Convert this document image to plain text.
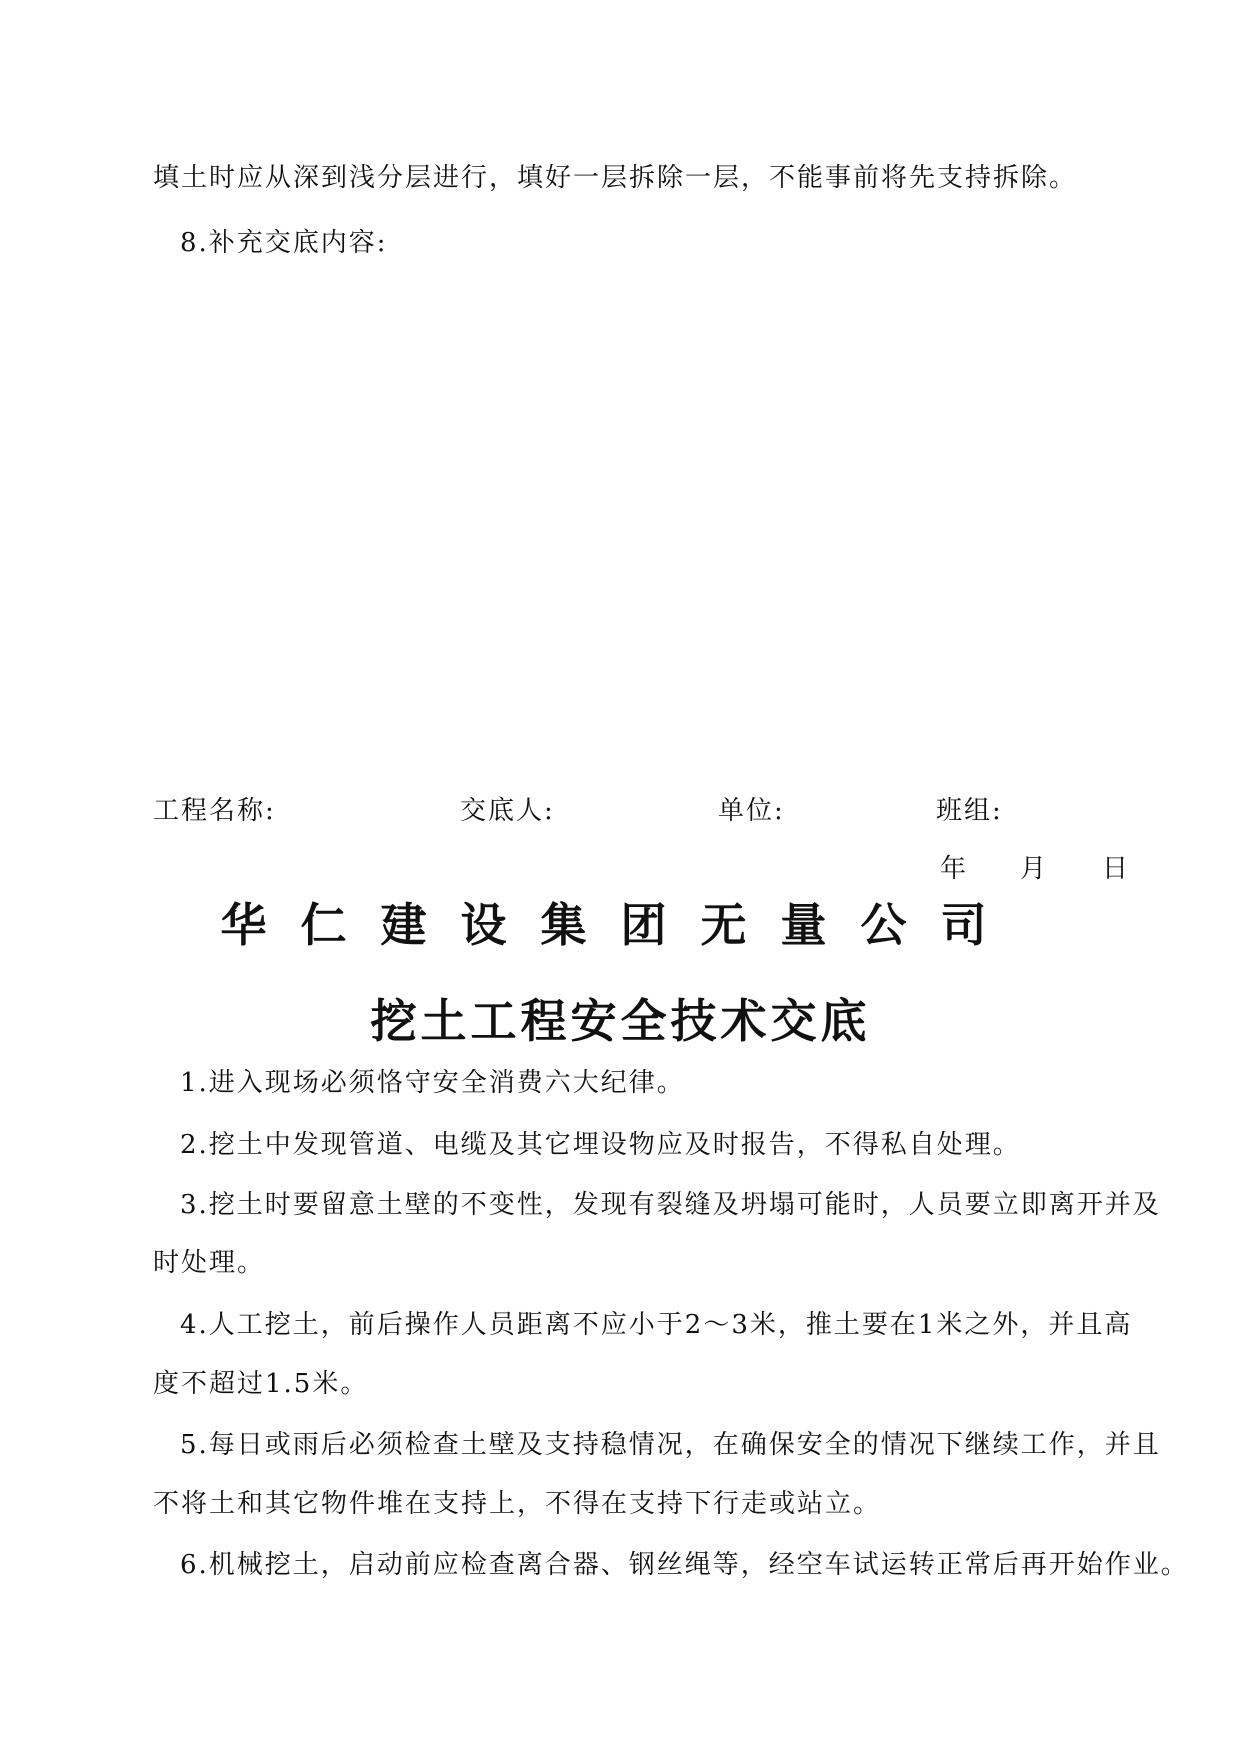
填土时应从深到浅分层进行，填好一层拆除一层，不能事前将先支持拆除。
8.补充交底内容:
工程名称:	交底人:	单位:	班组:
年 月 日
华仁建设集团无量公司
挖土工程安全技术交底
1.进入现场必须恪守安全消费六大纪律。
2.挖土中发现管道、电缆及其它埋设物应及时报告，不得私自处理。
3.挖土时要留意土壁的不变性，发现有裂缝及坍塌可能时，人员要立即离开并及
时处理。
4.人工挖土，前后操作人员距离不应小于2～3米，推土要在1米之外，并且高
度不超过1.5米。
5.每日或雨后必须检查土壁及支持稳情况，在确保安全的情况下继续工作，并且
不将土和其它物件堆在支持上，不得在支持下行走或站立。
6.机械挖土，启动前应检查离合器、钢丝绳等，经空车试运转正常后再开始作业。
